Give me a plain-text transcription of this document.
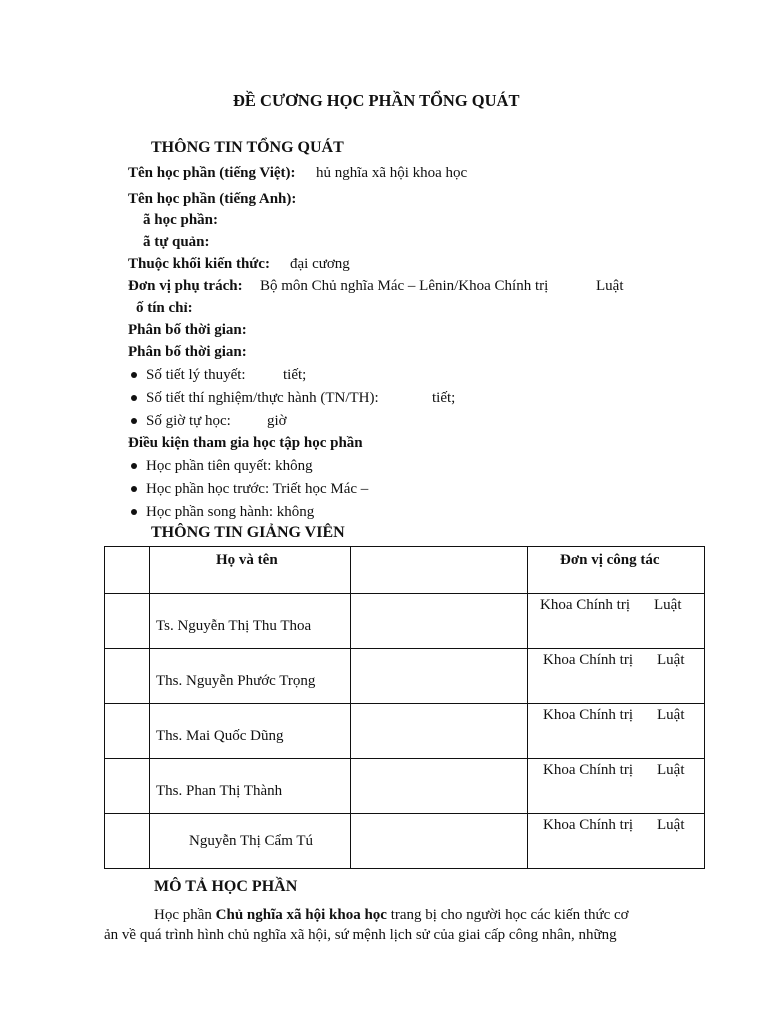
ĐỀ CƯƠNG HỌC PHẦN TỔNG QUÁT
THÔNG TIN TỔNG QUÁT
Tên học phần (tiếng Việt): hủ nghĩa xã hội khoa học
Tên học phần (tiếng Anh):
ã học phần:
ã tự quản:
Thuộc khối kiến thức: đại cương
Đơn vị phụ trách: Bộ môn Chủ nghĩa Mác – Lênin/Khoa Chính trị	Luật
ố tín chỉ:
Phân bố thời gian:
Phân bố thời gian:
Số tiết lý thuyết: tiết;
Số tiết thí nghiệm/thực hành (TN/TH):	tiết;
Số giờ tự học: giờ
Điều kiện tham gia học tập học phần
Học phần tiên quyết: không
Học phần học trước: Triết học Mác –
Học phần song hành: không
THÔNG TIN GIẢNG VIÊN

	Họ và tên		Đơn vị công tác

	Ts. Nguyễn Thị Thu Thoa		Khoa Chính trị Luật

	Ths. Nguyễn Phước Trọng		Khoa Chính trị Luật

	Ths. Mai Quốc Dũng		Khoa Chính trị Luật

	Ths. Phan Thị Thành		Khoa Chính trị Luật

	Nguyễn Thị Cẩm Tú		Khoa Chính trị Luật
MÔ TẢ HỌC PHẦN
Học phần Chủ nghĩa xã hội khoa học trang bị cho người học các kiến thức cơ
ản về quá trình hình chủ nghĩa xã hội, sứ mệnh lịch sử của giai cấp công nhân, những
